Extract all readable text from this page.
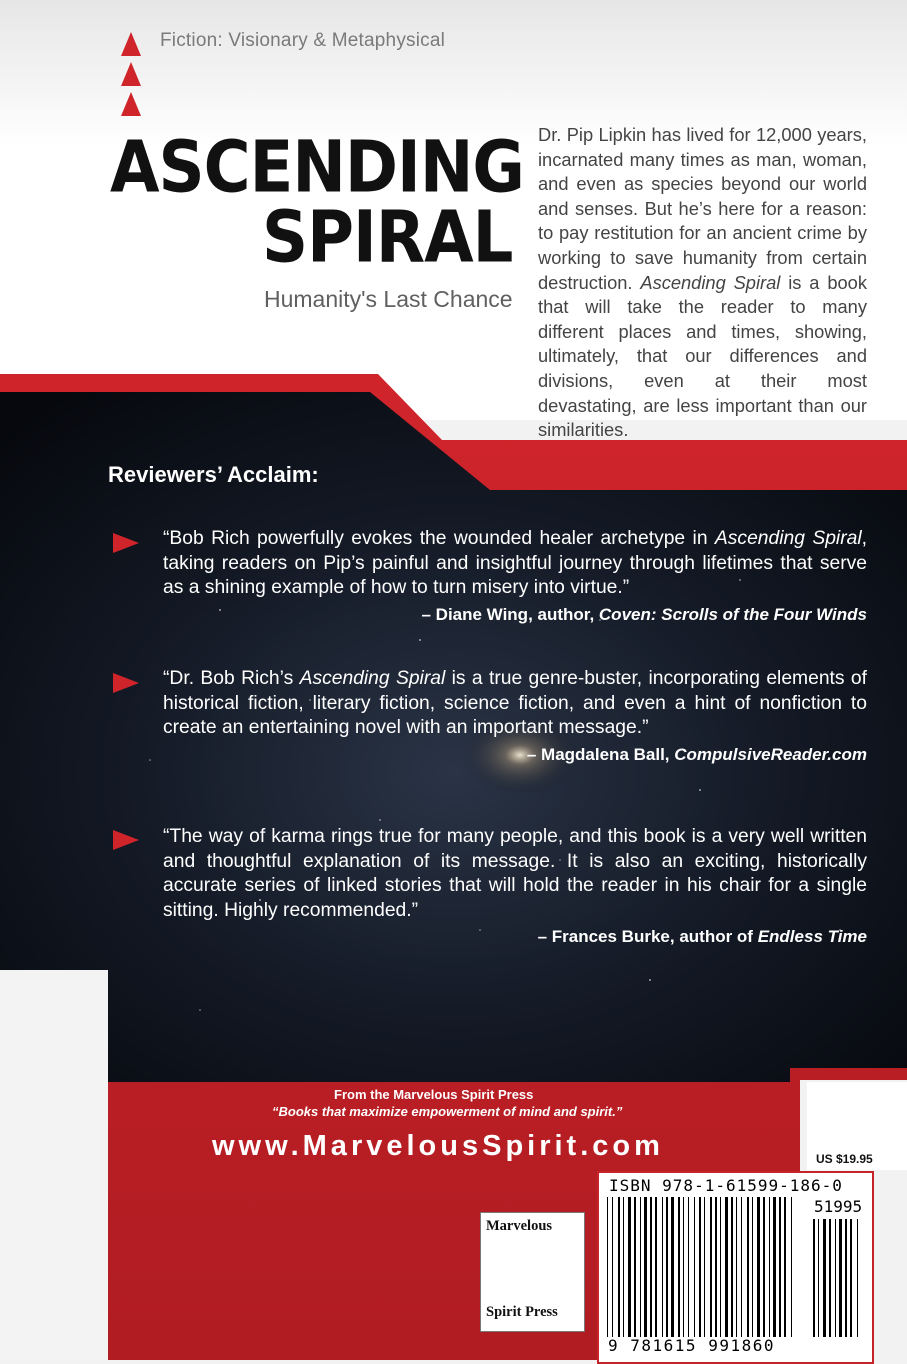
Fiction: Visionary & Metaphysical
ASCENDING
SPIRAL
Humanity's Last Chance
Dr. Pip Lipkin has lived for 12,000 years, incarnated many times as man, woman, and even as species beyond our world and senses. But he’s here for a reason: to pay restitution for an ancient crime by working to save humanity from certain destruction. Ascending Spiral is a book that will take the reader to many different places and times, showing, ultimately, that our differences and divisions, even at their most devastating, are less important than our similarities.
Reviewers’ Acclaim:
“Bob Rich powerfully evokes the wounded healer archetype in Ascending Spiral, taking readers on Pip’s painful and insightful journey through lifetimes that serve as a shining example of how to turn misery into virtue.”
– Diane Wing, author, Coven: Scrolls of the Four Winds
“Dr. Bob Rich’s Ascending Spiral is a true genre-buster, incorporating elements of historical fiction, literary fiction, science fiction, and even a hint of nonfiction to create an entertaining novel with an important message.”
– Magdalena Ball, CompulsiveReader.com
“The way of karma rings true for many people, and this book is a very well written and thoughtful explanation of its message. It is also an exciting, historically accurate series of linked stories that will hold the reader in his chair for a single sitting. Highly recommended.”
– Frances Burke, author of Endless Time
From the Marvelous Spirit Press
“Books that maximize empowerment of mind and spirit.”
www.MarvelousSpirit.com	US $19.95
ISBN 978-1-61599-186-0
51995
9 781615 991860
Marvelous
Spirit Press
